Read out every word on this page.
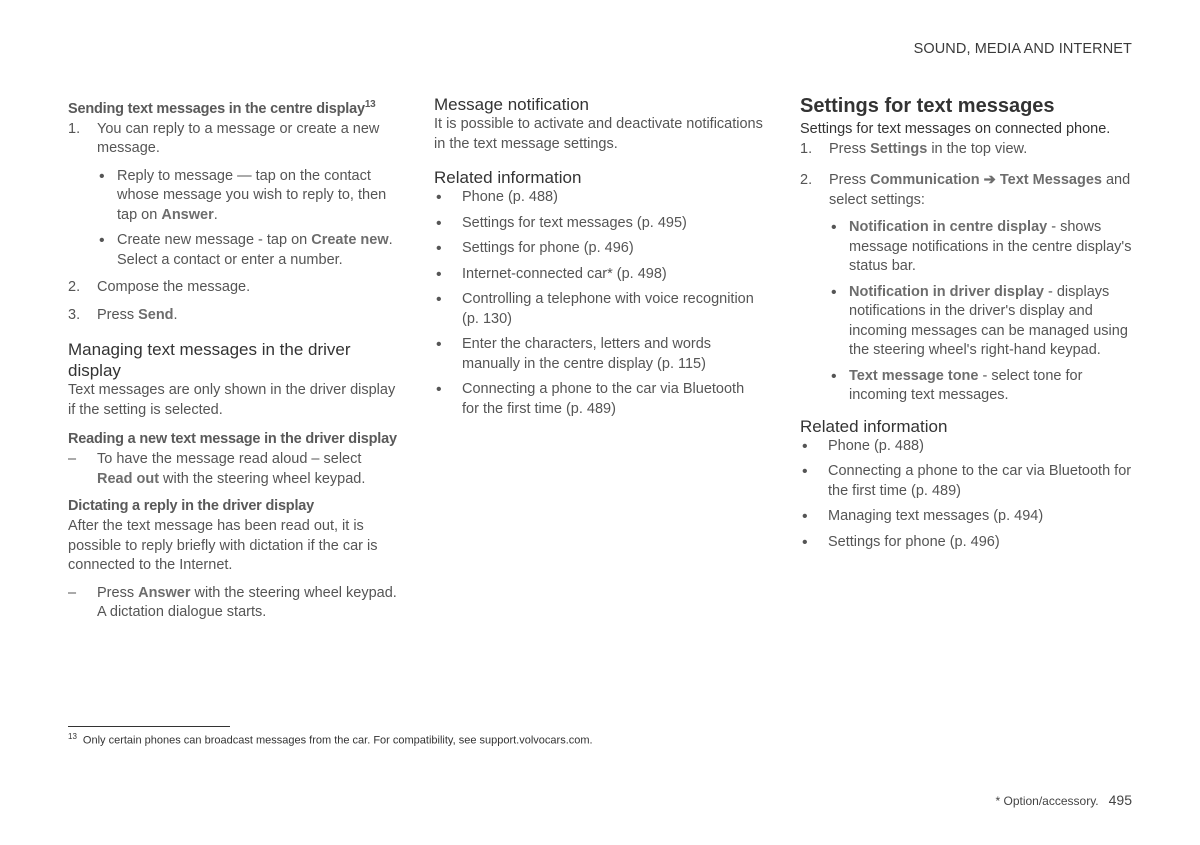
SOUND, MEDIA AND INTERNET
Sending text messages in the centre display$^{13}$
1. You can reply to a message or create a new message.
• Reply to message — tap on the contact whose message you wish to reply to, then tap on Answer.
• Create new message - tap on Create new. Select a contact or enter a number.
2. Compose the message.
3. Press Send.
Managing text messages in the driver display
Text messages are only shown in the driver display if the setting is selected.
Reading a new text message in the driver display
– To have the message read aloud – select Read out with the steering wheel keypad.
Dictating a reply in the driver display
After the text message has been read out, it is possible to reply briefly with dictation if the car is connected to the Internet.
– Press Answer with the steering wheel keypad. A dictation dialogue starts.
Message notification
It is possible to activate and deactivate notifications in the text message settings.
Related information
• Phone (p. 488)
• Settings for text messages (p. 495)
• Settings for phone (p. 496)
• Internet-connected car* (p. 498)
• Controlling a telephone with voice recognition (p. 130)
• Enter the characters, letters and words manually in the centre display (p. 115)
• Connecting a phone to the car via Bluetooth for the first time (p. 489)
Settings for text messages
Settings for text messages on connected phone.
1. Press Settings in the top view.
2. Press Communication ➔ Text Messages and select settings:
• Notification in centre display - shows message notifications in the centre display's status bar.
• Notification in driver display - displays notifications in the driver's display and incoming messages can be managed using the steering wheel's right-hand keypad.
• Text message tone - select tone for incoming text messages.
Related information
• Phone (p. 488)
• Connecting a phone to the car via Bluetooth for the first time (p. 489)
• Managing text messages (p. 494)
• Settings for phone (p. 496)
$^{13}$ Only certain phones can broadcast messages from the car. For compatibility, see support.volvocars.com.
* Option/accessory. 495
